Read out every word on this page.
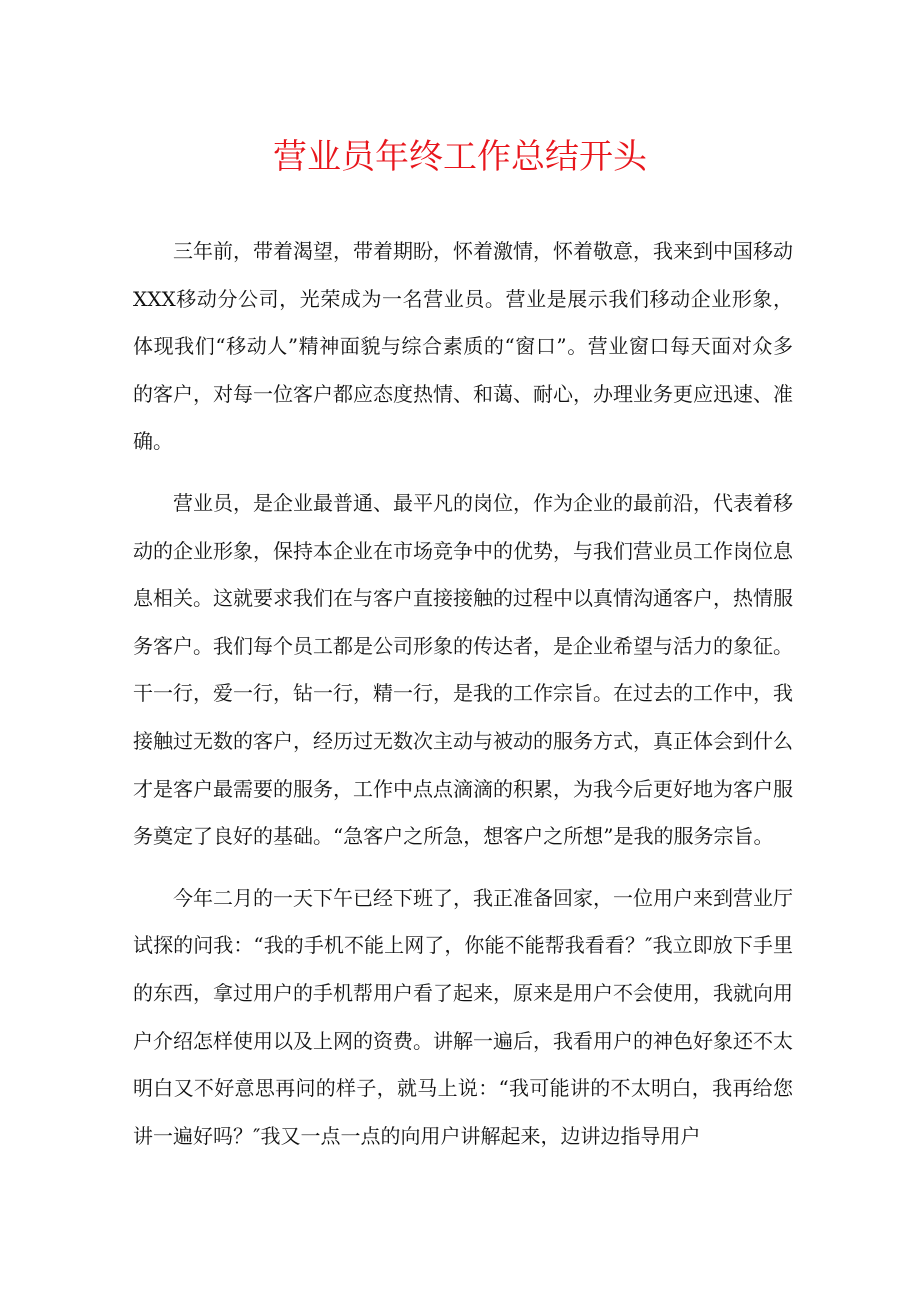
营业员年终工作总结开头

三年前，带着渴望，带着期盼，怀着激情，怀着敬意，我来到中国移动XXX移动分公司，光荣成为一名营业员。营业是展示我们移动企业形象，体现我们“移动人”精神面貌与综合素质的“窗口”。营业窗口每天面对众多的客户，对每一位客户都应态度热情、和蔼、耐心，办理业务更应迅速、准确。

营业员，是企业最普通、最平凡的岗位，作为企业的最前沿，代表着移动的企业形象，保持本企业在市场竞争中的优势，与我们营业员工作岗位息息相关。这就要求我们在与客户直接接触的过程中以真情沟通客户，热情服务客户。我们每个员工都是公司形象的传达者，是企业希望与活力的象征。干一行，爱一行，钻一行，精一行，是我的工作宗旨。在过去的工作中，我接触过无数的客户，经历过无数次主动与被动的服务方式，真正体会到什么才是客户最需要的服务，工作中点点滴滴的积累，为我今后更好地为客户服务奠定了良好的基础。“急客户之所急，想客户之所想”是我的服务宗旨。

今年二月的一天下午已经下班了，我正准备回家，一位用户来到营业厅试探的问我：“我的手机不能上网了，你能不能帮我看看？″我立即放下手里的东西，拿过用户的手机帮用户看了起来，原来是用户不会使用，我就向用户介绍怎样使用以及上网的资费。讲解一遍后，我看用户的神色好象还不太明白又不好意思再问的样子，就马上说：“我可能讲的不太明白，我再给您讲一遍好吗？″我又一点一点的向用户讲解起来，边讲边指导用户
